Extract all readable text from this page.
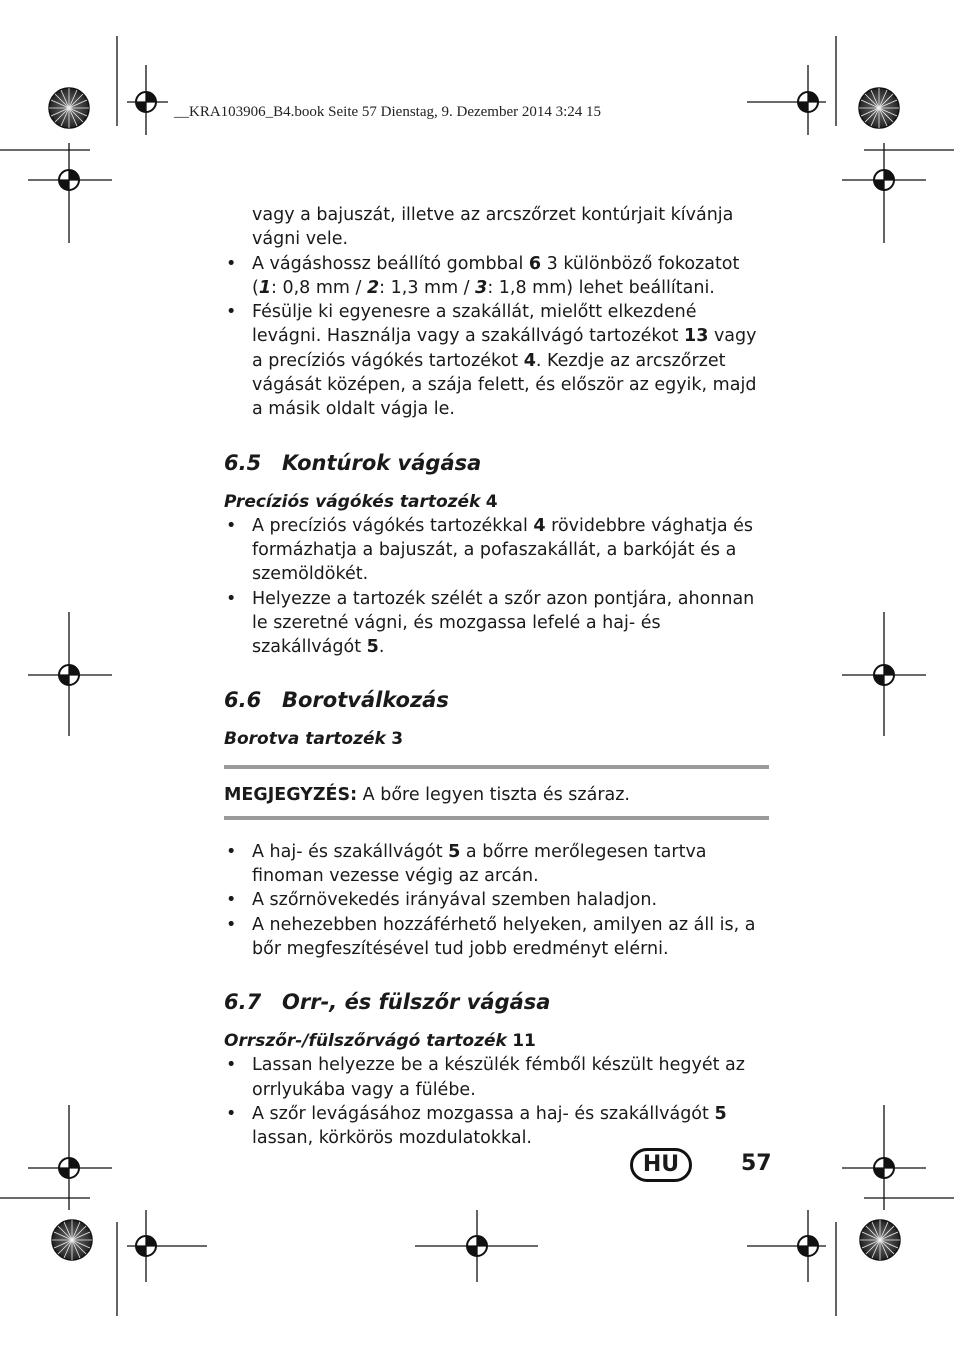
__KRA103906_B4.book Seite 57 Dienstag, 9. Dezember 2014 3:24 15
vagy a bajuszát, illetve az arcszőrzet kontúrjait kívánja vágni vele.
• A vágáshossz beállító gombbal 6 3 különböző fokozatot (1: 0,8 mm / 2: 1,3 mm / 3: 1,8 mm) lehet beállítani.
• Fésülje ki egyenesre a szakállát, mielőtt elkezdené levágni. Használja vagy a szakállvágó tartozékot 13 vagy a precíziós vágókés tartozékot 4. Kezdje az arcszőrzet vágását középen, a szája felett, és először az egyik, majd a másik oldalt vágja le.
6.5 Kontúrok vágása
Precíziós vágókés tartozék 4
• A precíziós vágókés tartozékkal 4 rövidebbre vághatja és formázhatja a bajuszát, a pofaszakállát, a barkóját és a szemöldökét.
• Helyezze a tartozék szélét a szőr azon pontjára, ahonnan le szeretné vágni, és mozgassa lefelé a haj- és szakállvágót 5.
6.6 Borotválkozás
Borotva tartozék 3
MEGJEGYZÉS: A bőre legyen tiszta és száraz.
• A haj- és szakállvágót 5 a bőrre merőlegesen tartva finoman vezesse végig az arcán.
• A szőrnövekedés irányával szemben haladjon.
• A nehezebben hozzáférhető helyeken, amilyen az áll is, a bőr megfeszítésével tud jobb eredményt elérni.
6.7 Orr-, és fülszőr vágása
Orrszőr-/fülszőrvágó tartozék 11
• Lassan helyezze be a készülék fémből készült hegyét az orrlyukába vagy a fülébe.
• A szőr levágásához mozgassa a haj- és szakállvágót 5 lassan, körkörös mozdulatokkal.
HU	57
